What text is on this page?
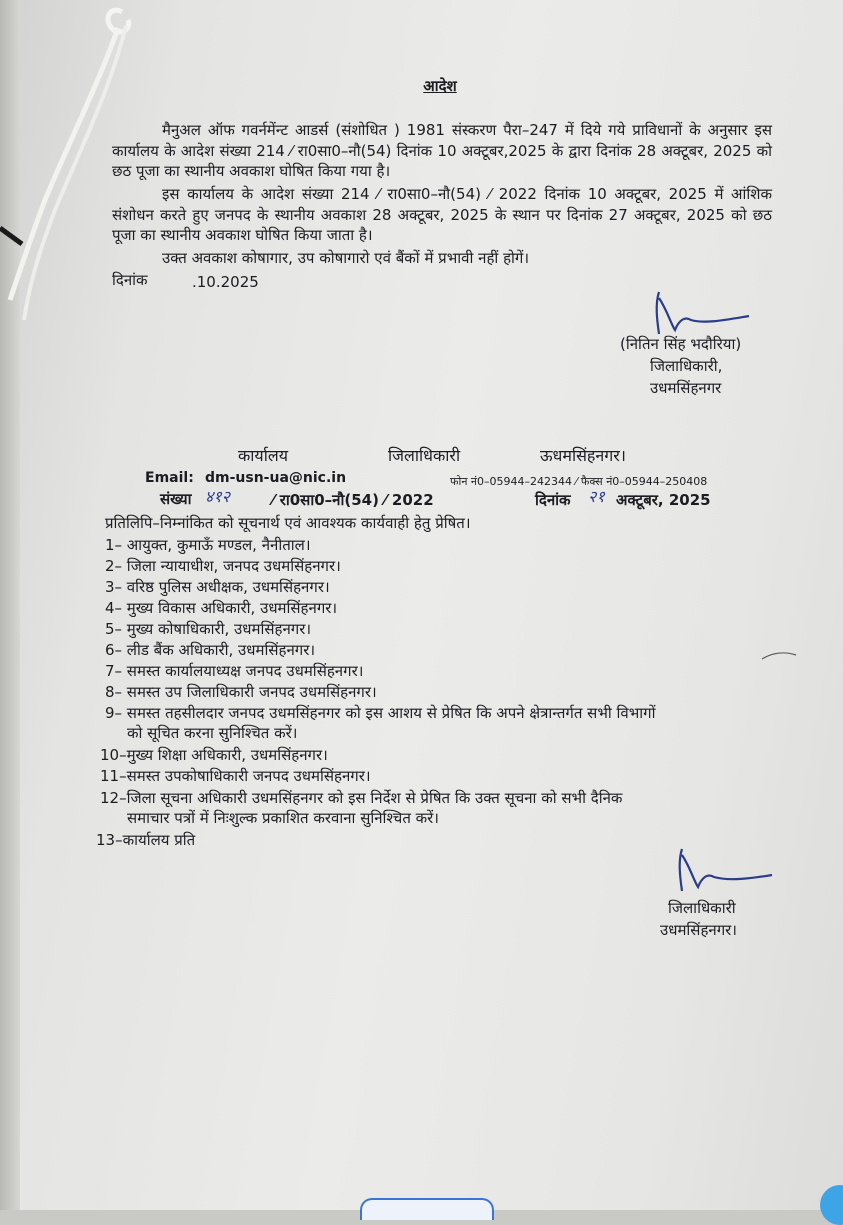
आदेश
मैनुअल ऑफ गवर्नमेंन्ट आडर्स (संशोधित ) 1981 संस्करण पैरा–247 में दिये गये प्राविधानों के अनुसार इस कार्यालय के आदेश संख्या 214 ⁄ रा0सा0–नौ(54) दिनांक 10 अक्टूबर,2025 के द्वारा दिनांक 28 अक्टूबर, 2025 को छठ पूजा का स्थानीय अवकाश घोषित किया गया है।
इस कार्यालय के आदेश संख्या 214 ⁄ रा0सा0–नौ(54) ⁄ 2022 दिनांक 10 अक्टूबर, 2025 में आंशिक संशोधन करते हुए जनपद के स्थानीय अवकाश 28 अक्टूबर, 2025 के स्थान पर दिनांक 27 अक्टूबर, 2025 को छठ पूजा का स्थानीय अवकाश घोषित किया जाता है।
उक्त अवकाश कोषागार, उप कोषागारो एवं बैंकों में प्रभावी नहीं होगें।
दिनांक	.10.2025
(नितिन सिंह भदौरिया)
जिलाधिकारी,
उधमसिंहनगर
कार्यालय	जिलाधिकारी	ऊधमसिंहनगर।
Email: dm-usn-ua@nic.in	फोन नं0–05944–242344 ⁄ फैक्स नं0–05944–250408
संख्या ४१२	⁄ रा0सा0–नौ(54) ⁄ 2022	दिनांक २१ अक्टूबर, 2025
प्रतिलिपि–निम्नांकित को सूचनार्थ एवं आवश्यक कार्यवाही हेतु प्रेषित।
1– आयुक्त, कुमाऊँ मण्डल, नैनीताल।
2– जिला न्यायाधीश, जनपद उधमसिंहनगर।
3– वरिष्ठ पुलिस अधीक्षक, उधमसिंहनगर।
4– मुख्य विकास अधिकारी, उधमसिंहनगर।
5– मुख्य कोषाधिकारी, उधमसिंहनगर।
6– लीड बैंक अधिकारी, उधमसिंहनगर।
7– समस्त कार्यालयाध्यक्ष जनपद उधमसिंहनगर।
8– समस्त उप जिलाधिकारी जनपद उधमसिंहनगर।
9– समस्त तहसीलदार जनपद उधमसिंहनगर को इस आशय से प्रेषित कि अपने क्षेत्रान्तर्गत सभी विभागों
को सूचित करना सुनिश्चित करें।
10–मुख्य शिक्षा अधिकारी, उधमसिंहनगर।
11–समस्त उपकोषाधिकारी जनपद उधमसिंहनगर।
12–जिला सूचना अधिकारी उधमसिंहनगर को इस निर्देश से प्रेषित कि उक्त सूचना को सभी दैनिक
समाचार पत्रों में निःशुल्क प्रकाशित करवाना सुनिश्चित करें।
13–कार्यालय प्रति
जिलाधिकारी
उधमसिंहनगर।
